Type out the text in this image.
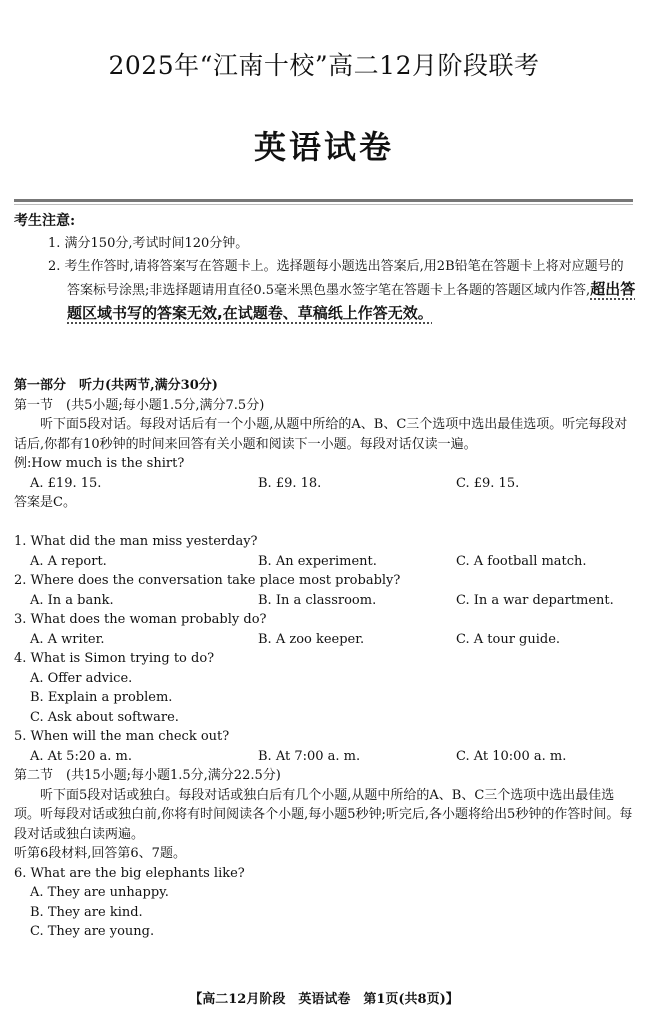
2025年“江南十校”高二12月阶段联考
英语试卷
考生注意:

1. 满分150分,考试时间120分钟。

2. 考生作答时,请将答案写在答题卡上。选择题每小题选出答案后,用2B铅笔在答题卡上将对应题号的答案标号涂黑;非选择题请用直径0.5毫米黑色墨水签字笔在答题卡上各题的答题区域内作答,超出答题区域书写的答案无效,在试题卷、草稿纸上作答无效。

第一部分　听力(共两节,满分30分)

第一节　(共5小题;每小题1.5分,满分7.5分)

听下面5段对话。每段对话后有一个小题,从题中所给的A、B、C三个选项中选出最佳选项。听完每段对话后,你都有10秒钟的时间来回答有关小题和阅读下一小题。每段对话仅读一遍。

例:How much is the shirt?

A. £19. 15.	B. £9. 18.	C. £9. 15.

答案是C。

1. What did the man miss yesterday?

A. A report.	B. An experiment.	C. A football match.

2. Where does the conversation take place most probably?

A. In a bank.	B. In a classroom.	C. In a war department.

3. What does the woman probably do?

A. A writer.	B. A zoo keeper.	C. A tour guide.

4. What is Simon trying to do?

A. Offer advice.

B. Explain a problem.

C. Ask about software.

5. When will the man check out?

A. At 5:20 a. m.	B. At 7:00 a. m.	C. At 10:00 a. m.

第二节　(共15小题;每小题1.5分,满分22.5分)

听下面5段对话或独白。每段对话或独白后有几个小题,从题中所给的A、B、C三个选项中选出最佳选项。听每段对话或独白前,你将有时间阅读各个小题,每小题5秒钟;听完后,各小题将给出5秒钟的作答时间。每段对话或独白读两遍。

听第6段材料,回答第6、7题。

6. What are the big elephants like?

A. They are unhappy.

B. They are kind.

C. They are young.

【高二12月阶段　英语试卷　第1页(共8页)】
